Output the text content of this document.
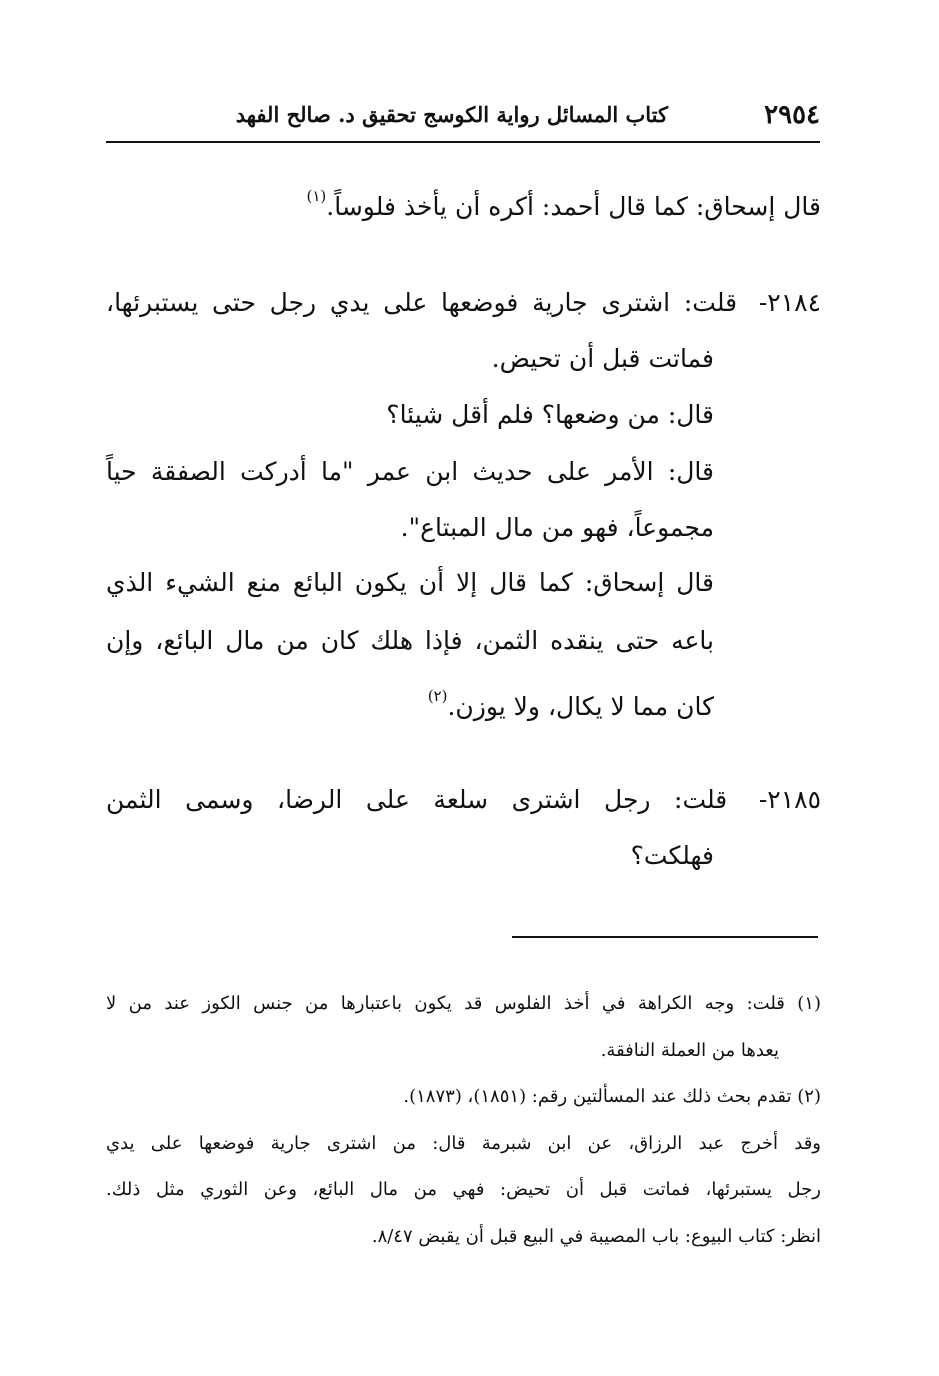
٢٩٥٤
كتاب المسائل رواية الكوسج تحقيق د. صالح الفهد
قال إسحاق: كما قال أحمد: أكره أن يأخذ فلوساً.$^{(١)}$
٢١٨٤- قلت: اشترى جارية فوضعها على يدي رجل حتى يستبرئها،
فماتت قبل أن تحيض.
قال: من وضعها؟ فلم أقل شيئا؟
قال: الأمر على حديث ابن عمر "ما أدركت الصفقة حياً
مجموعاً، فهو من مال المبتاع".
قال إسحاق: كما قال إلا أن يكون البائع منع الشيء الذي
باعه حتى ينقده الثمن، فإذا هلك كان من مال البائع، وإن
كان مما لا يكال، ولا يوزن.$^{(٢)}$
٢١٨٥- قلت: رجل اشترى سلعة على الرضا، وسمى الثمن
فهلكت؟
(١) قلت: وجه الكراهة في أخذ الفلوس قد يكون باعتبارها من جنس الكوز عند من لا
يعدها من العملة النافقة.
(٢) تقدم بحث ذلك عند المسألتين رقم: (١٨٥١)، (١٨٧٣).
وقد أخرج عبد الرزاق، عن ابن شبرمة قال: من اشترى جارية فوضعها على يدي
رجل يستبرئها، فماتت قبل أن تحيض: فهي من مال البائع، وعن الثوري مثل ذلك.
انظر: كتاب البيوع: باب المصيبة في البيع قبل أن يقبض ٨/٤٧.
